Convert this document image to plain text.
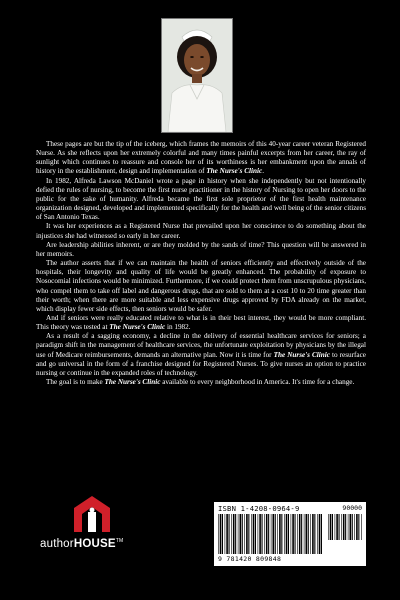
These pages are but the tip of the iceberg, which frames the memoirs of this 40-year career veteran Registered Nurse. As she reflects upon her extremely colorful and many times painful excerpts from her career, the ray of sunlight which continues to reassure and console her of its worthiness is her embankment upon the annals of history in the establishment, design and implementation of The Nurse's Clinic.

In 1982, Alfreda Lawson McDaniel wrote a page in history when she independently but not intentionally defied the rules of nursing, to become the first nurse practitioner in the history of Nursing to open her doors to the public for the sake of humanity. Alfreda became the first sole proprietor of the first health maintenance organization designed, developed and implemented specifically for the health and well being of the senior citizens of San Antonio Texas.

It was her experiences as a Registered Nurse that prevailed upon her conscience to do something about the injustices she had witnessed so early in her career.

Are leadership abilities inherent, or are they molded by the sands of time? This question will be answered in her memoirs.

The author asserts that if we can maintain the health of seniors efficiently and effectively outside of the hospitals, their longevity and quality of life would be greatly enhanced. The probability of exposure to Nosocomial infections would be minimized. Furthermore, if we could protect them from unscrupulous physicians, who compel them to take off label and dangerous drugs, that are sold to them at a cost 10 to 20 time greater than their worth; when there are more suitable and less expensive drugs approved by FDA already on the market, which display fewer side effects, then seniors would be safer.

And if seniors were really educated relative to what is in their best interest, they would be more compliant. This theory was tested at The Nurse's Clinic in 1982.

As a result of a sagging economy, a decline in the delivery of essential healthcare services for seniors; a paradigm shift in the management of healthcare services, the unfortunate exploitation by physicians by the illegal use of Medicare reimbursements, demands an alternative plan. Now it is time for The Nurse's Clinic to resurface and go universal in the form of a franchise designed for Registered Nurses. To give nurses an option to practice nursing or continue in the expanded roles of technology.

The goal is to make The Nurse's Clinic available to every neighborhood in America. It's time for a change.

authorHOUSE™
ISBN 1-4208-0964-9	90000
9 781420 809848
